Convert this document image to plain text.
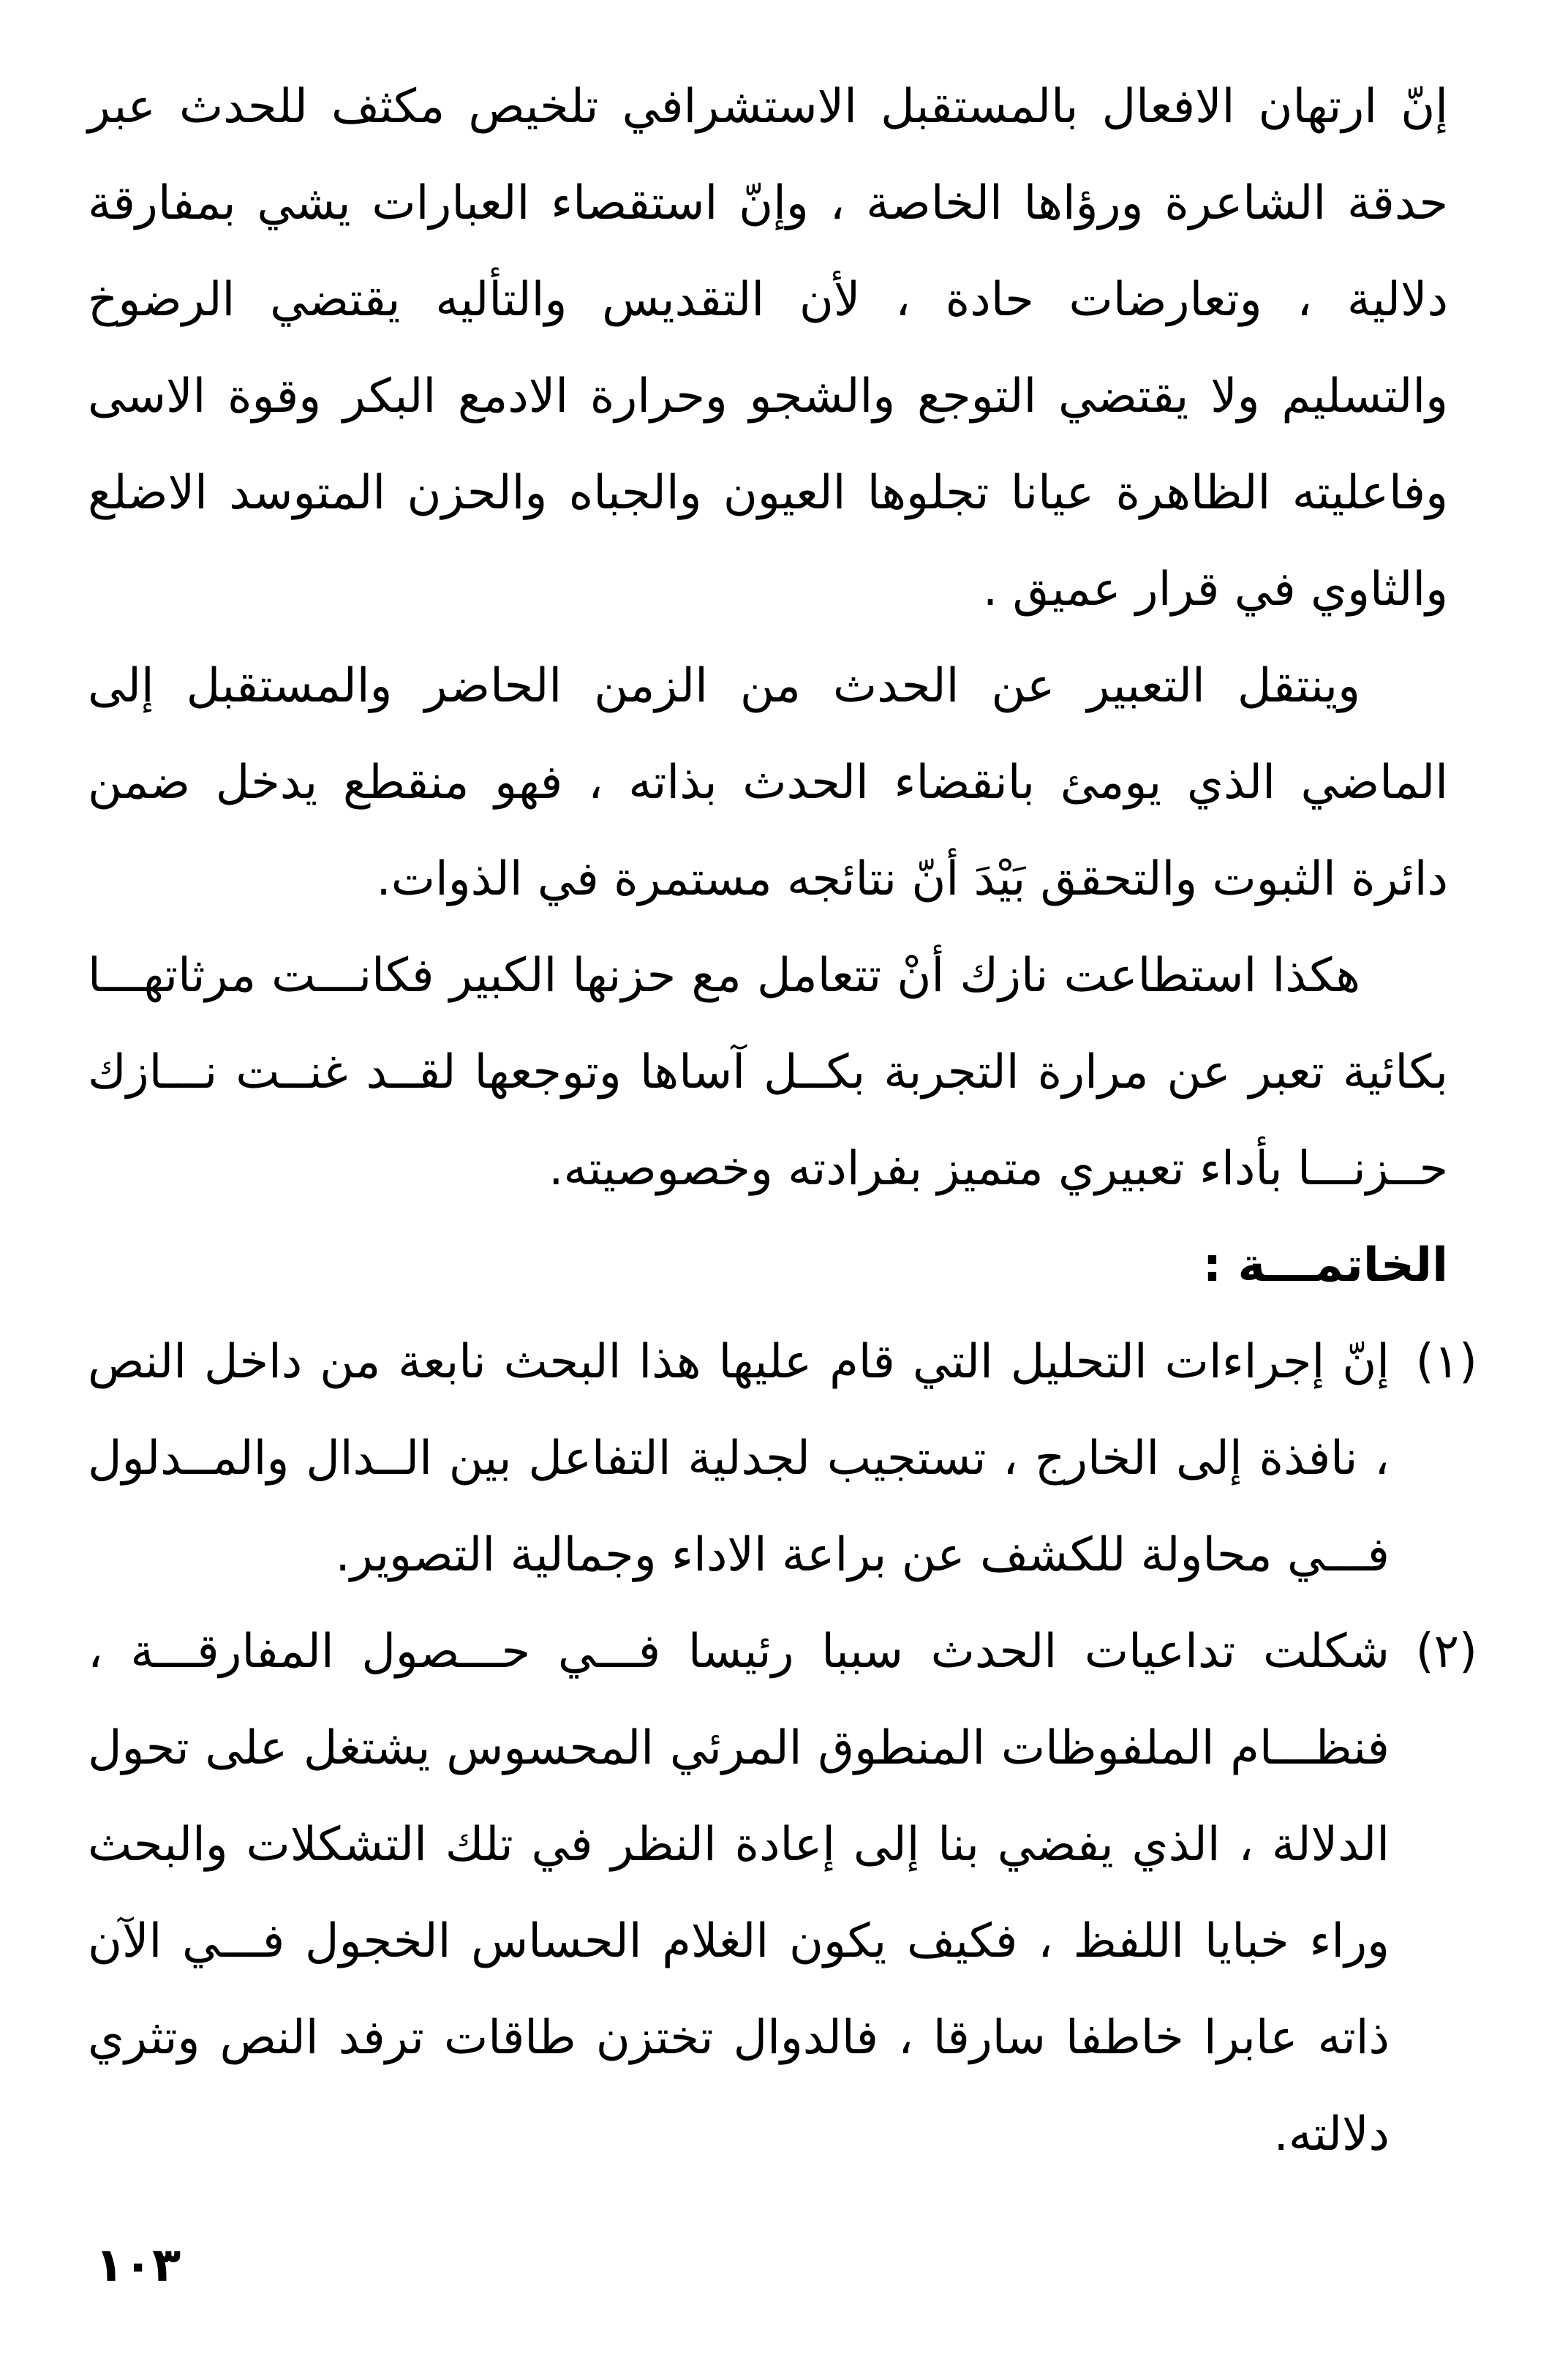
إنّ ارتهان الافعال بالمستقبل الاستشرافي تلخيص مكثف للحدث عبر حدقة الشاعرة ورؤاها الخاصة ، وإنّ استقصاء العبارات يشي بمفارقة دلالية ، وتعارضات حادة ، لأن التقديس والتأليه يقتضي الرضوخ والتسليم ولا يقتضي التوجع والشجو وحرارة الادمع البكر وقوة الاسى وفاعليته الظاهرة عيانا تجلوها العيون والجباه والحزن المتوسد الاضلع والثاوي في قرار عميق .

وينتقل التعبير عن الحدث من الزمن الحاضر والمستقبل إلى الماضي الذي يومئ بانقضاء الحدث بذاته ، فهو منقطع يدخل ضمن دائرة الثبوت والتحقق بَيْدَ أنّ نتائجه مستمرة في الذوات.

هكذا استطاعت نازك أنْ تتعامل مع حزنها الكبير فكانـــت مرثاتهـــا بكائية تعبر عن مرارة التجربة بكــل آساها وتوجعها لقــد غنــت نـــازك حــزنـــا بأداء تعبيري متميز بفرادته وخصوصيته.

الخاتمـــة :

(١)
إنّ إجراءات التحليل التي قام عليها هذا البحث نابعة من داخل النص ، نافذة إلى الخارج ، تستجيب لجدلية التفاعل بين الــدال والمــدلول فـــي محاولة للكشف عن براعة الاداء وجمالية التصوير.
(٢)
شكلت تداعيات الحدث سببا رئيسا فـــي حـــصول المفارقـــة ، فنظـــام الملفوظات المنطوق المرئي المحسوس يشتغل على تحول الدلالة ، الذي يفضي بنا إلى إعادة النظر في تلك التشكلات والبحث وراء خبايا اللفظ ، فكيف يكون الغلام الحساس الخجول فـــي الآن ذاته عابرا خاطفا سارقا ، فالدوال تختزن طاقات ترفد النص وتثري دلالته.
١٠٣
